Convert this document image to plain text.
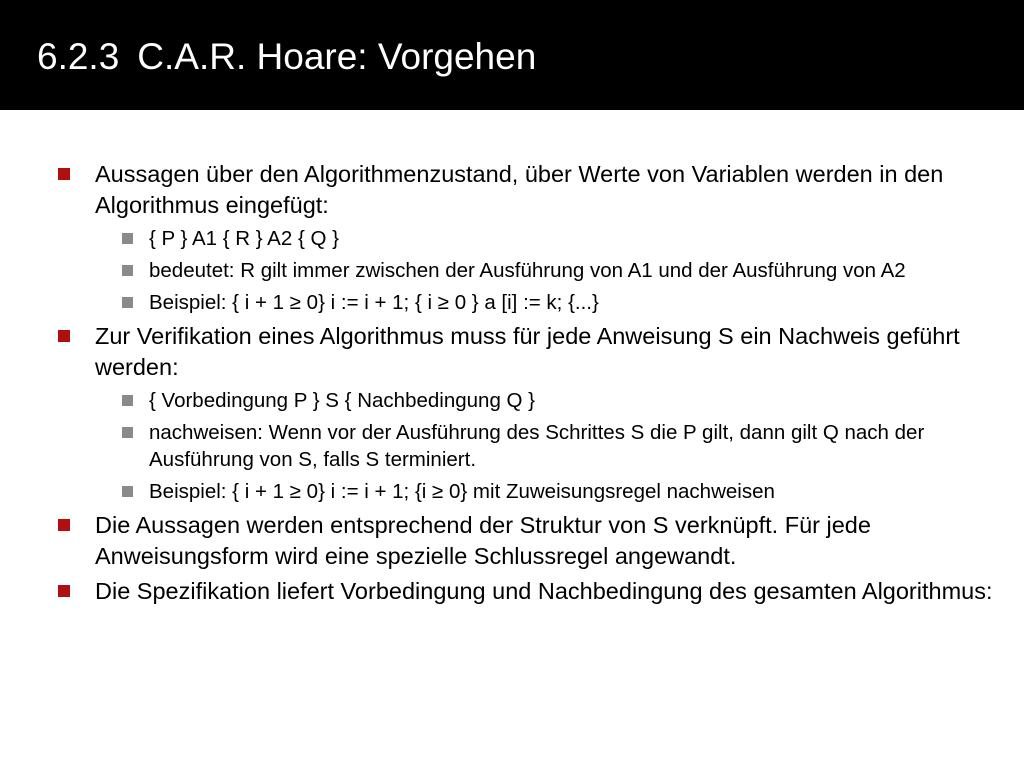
6.2.3 C.A.R. Hoare: Vorgehen
Aussagen über den Algorithmenzustand, über Werte von Variablen werden in den Algorithmus eingefügt:
{ P } A1 { R } A2 { Q }
bedeutet: R gilt immer zwischen der Ausführung von A1 und der Ausführung von A2
Beispiel: { i + 1 ≥ 0} i := i + 1; { i ≥ 0 } a [i] := k; {...}
Zur Verifikation eines Algorithmus muss für jede Anweisung S ein Nachweis geführt werden:
{ Vorbedingung P } S { Nachbedingung Q }
nachweisen: Wenn vor der Ausführung des Schrittes S die P gilt, dann gilt Q nach der Ausführung von S, falls S terminiert.
Beispiel: { i + 1 ≥ 0} i := i + 1; {i ≥ 0} mit Zuweisungsregel nachweisen
Die Aussagen werden entsprechend der Struktur von S verknüpft. Für jede Anweisungsform wird eine spezielle Schlussregel angewandt.
Die Spezifikation liefert Vorbedingung und Nachbedingung des gesamten Algorithmus:
